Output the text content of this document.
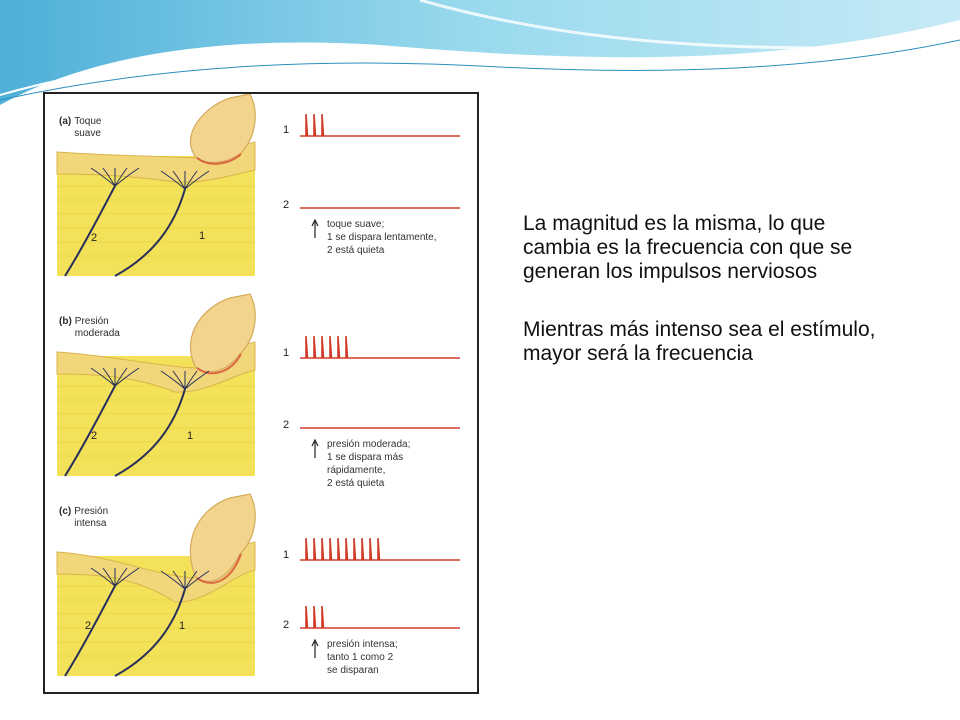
(a) Toque
suave	1
2
toque suave;
1 se dispara lentamente,
2 está quieta
2	1
(b) Presión
moderada
1
2
presión moderada;
1 se dispara más
rápidamente,
2 está quieta
2	1
(c) Presión
intensa
1
2
presión intensa;
tanto 1 como 2
se disparan
2	1

La magnitud es la misma, lo que cambia es la frecuencia con que se generan los impulsos nerviosos

Mientras más intenso sea el estímulo, mayor será la frecuencia
